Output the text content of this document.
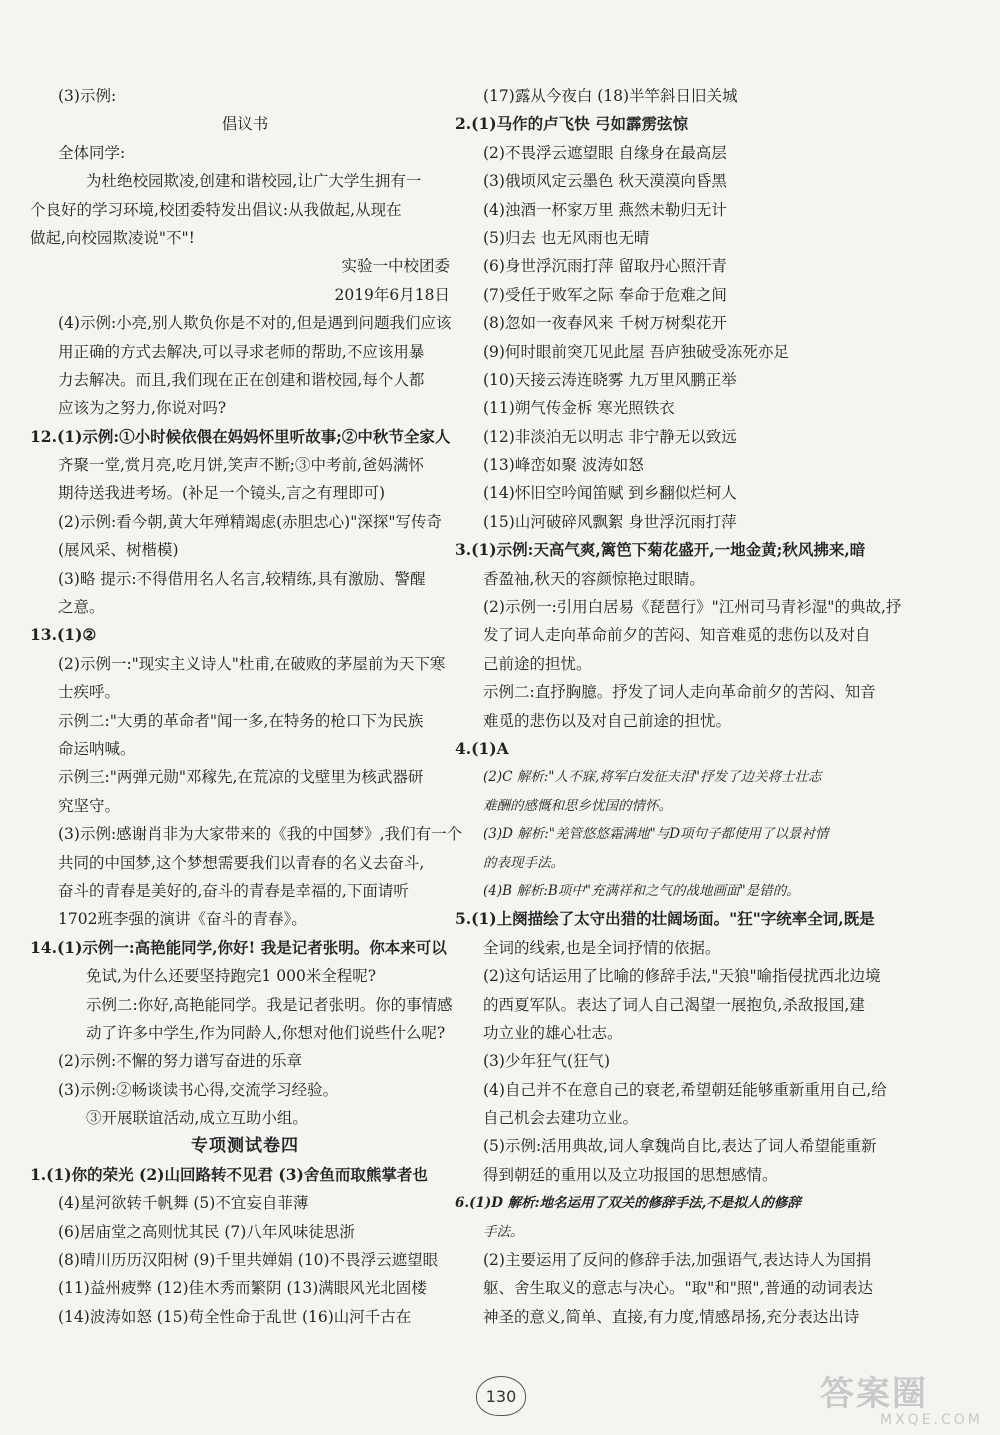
(3)示例:
倡议书
全体同学:
为杜绝校园欺凌,创建和谐校园,让广大学生拥有一
个良好的学习环境,校团委特发出倡议:从我做起,从现在
做起,向校园欺凌说"不"!
实验一中校团委
2019年6月18日
(4)示例:小亮,别人欺负你是不对的,但是遇到问题我们应该
用正确的方式去解决,可以寻求老师的帮助,不应该用暴
力去解决。而且,我们现在正在创建和谐校园,每个人都
应该为之努力,你说对吗?
12.(1)示例:①小时候依偎在妈妈怀里听故事;②中秋节全家人
齐聚一堂,赏月亮,吃月饼,笑声不断;③中考前,爸妈满怀
期待送我进考场。(补足一个镜头,言之有理即可)
(2)示例:看今朝,黄大年殚精竭虑(赤胆忠心)"深探"写传奇
(展风采、树楷模)
(3)略 提示:不得借用名人名言,较精练,具有激励、警醒
之意。
13.(1)②
(2)示例一:"现实主义诗人"杜甫,在破败的茅屋前为天下寒
士疾呼。
示例二:"大勇的革命者"闻一多,在特务的枪口下为民族
命运呐喊。
示例三:"两弹元勋"邓稼先,在荒凉的戈壁里为核武器研
究坚守。
(3)示例:感谢肖非为大家带来的《我的中国梦》,我们有一个
共同的中国梦,这个梦想需要我们以青春的名义去奋斗,
奋斗的青春是美好的,奋斗的青春是幸福的,下面请听
1702班李强的演讲《奋斗的青春》。
14.(1)示例一:高艳能同学,你好! 我是记者张明。你本来可以
免试,为什么还要坚持跑完1 000米全程呢?
示例二:你好,高艳能同学。我是记者张明。你的事情感
动了许多中学生,作为同龄人,你想对他们说些什么呢?
(2)示例:不懈的努力谱写奋进的乐章
(3)示例:②畅谈读书心得,交流学习经验。
③开展联谊活动,成立互助小组。
专项测试卷四
1.(1)你的荣光 (2)山回路转不见君 (3)舍鱼而取熊掌者也
(4)星河欲转千帆舞 (5)不宜妄自菲薄
(6)居庙堂之高则忧其民 (7)八年风味徒思浙
(8)晴川历历汉阳树 (9)千里共婵娟 (10)不畏浮云遮望眼
(11)益州疲弊 (12)佳木秀而繁阴 (13)满眼风光北固楼
(14)波涛如怒 (15)苟全性命于乱世 (16)山河千古在
(17)露从今夜白 (18)半竿斜日旧关城
2.(1)马作的卢飞快 弓如霹雳弦惊
(2)不畏浮云遮望眼 自缘身在最高层
(3)俄顷风定云墨色 秋天漠漠向昏黑
(4)浊酒一杯家万里 燕然未勒归无计
(5)归去 也无风雨也无晴
(6)身世浮沉雨打萍 留取丹心照汗青
(7)受任于败军之际 奉命于危难之间
(8)忽如一夜春风来 千树万树梨花开
(9)何时眼前突兀见此屋 吾庐独破受冻死亦足
(10)天接云涛连晓雾 九万里风鹏正举
(11)朔气传金柝 寒光照铁衣
(12)非淡泊无以明志 非宁静无以致远
(13)峰峦如聚 波涛如怒
(14)怀旧空吟闻笛赋 到乡翻似烂柯人
(15)山河破碎风飘絮 身世浮沉雨打萍
3.(1)示例:天高气爽,篱笆下菊花盛开,一地金黄;秋风拂来,暗
香盈袖,秋天的容颜惊艳过眼睛。
(2)示例一:引用白居易《琵琶行》"江州司马青衫湿"的典故,抒
发了词人走向革命前夕的苦闷、知音难觅的悲伤以及对自
己前途的担忧。
示例二:直抒胸臆。抒发了词人走向革命前夕的苦闷、知音
难觅的悲伤以及对自己前途的担忧。
4.(1)A
(2)C 解析:"人不寐,将军白发征夫泪"抒发了边关将士壮志
难酬的感慨和思乡忧国的情怀。
(3)D 解析:"羌管悠悠霜满地"与D项句子都使用了以景衬情
的表现手法。
(4)B 解析:B项中"充满祥和之气的战地画面"是错的。
5.(1)上阕描绘了太守出猎的壮阔场面。"狂"字统率全词,既是
全词的线索,也是全词抒情的依据。
(2)这句话运用了比喻的修辞手法,"天狼"喻指侵扰西北边境
的西夏军队。表达了词人自己渴望一展抱负,杀敌报国,建
功立业的雄心壮志。
(3)少年狂气(狂气)
(4)自己并不在意自己的衰老,希望朝廷能够重新重用自己,给
自己机会去建功立业。
(5)示例:活用典故,词人拿魏尚自比,表达了词人希望能重新
得到朝廷的重用以及立功报国的思想感情。
6.(1)D 解析:地名运用了双关的修辞手法,不是拟人的修辞
手法。
(2)主要运用了反问的修辞手法,加强语气,表达诗人为国捐
躯、舍生取义的意志与决心。"取"和"照",普通的动词表达
神圣的意义,简单、直接,有力度,情感昂扬,充分表达出诗
130	答案圈
MXQE.COM
